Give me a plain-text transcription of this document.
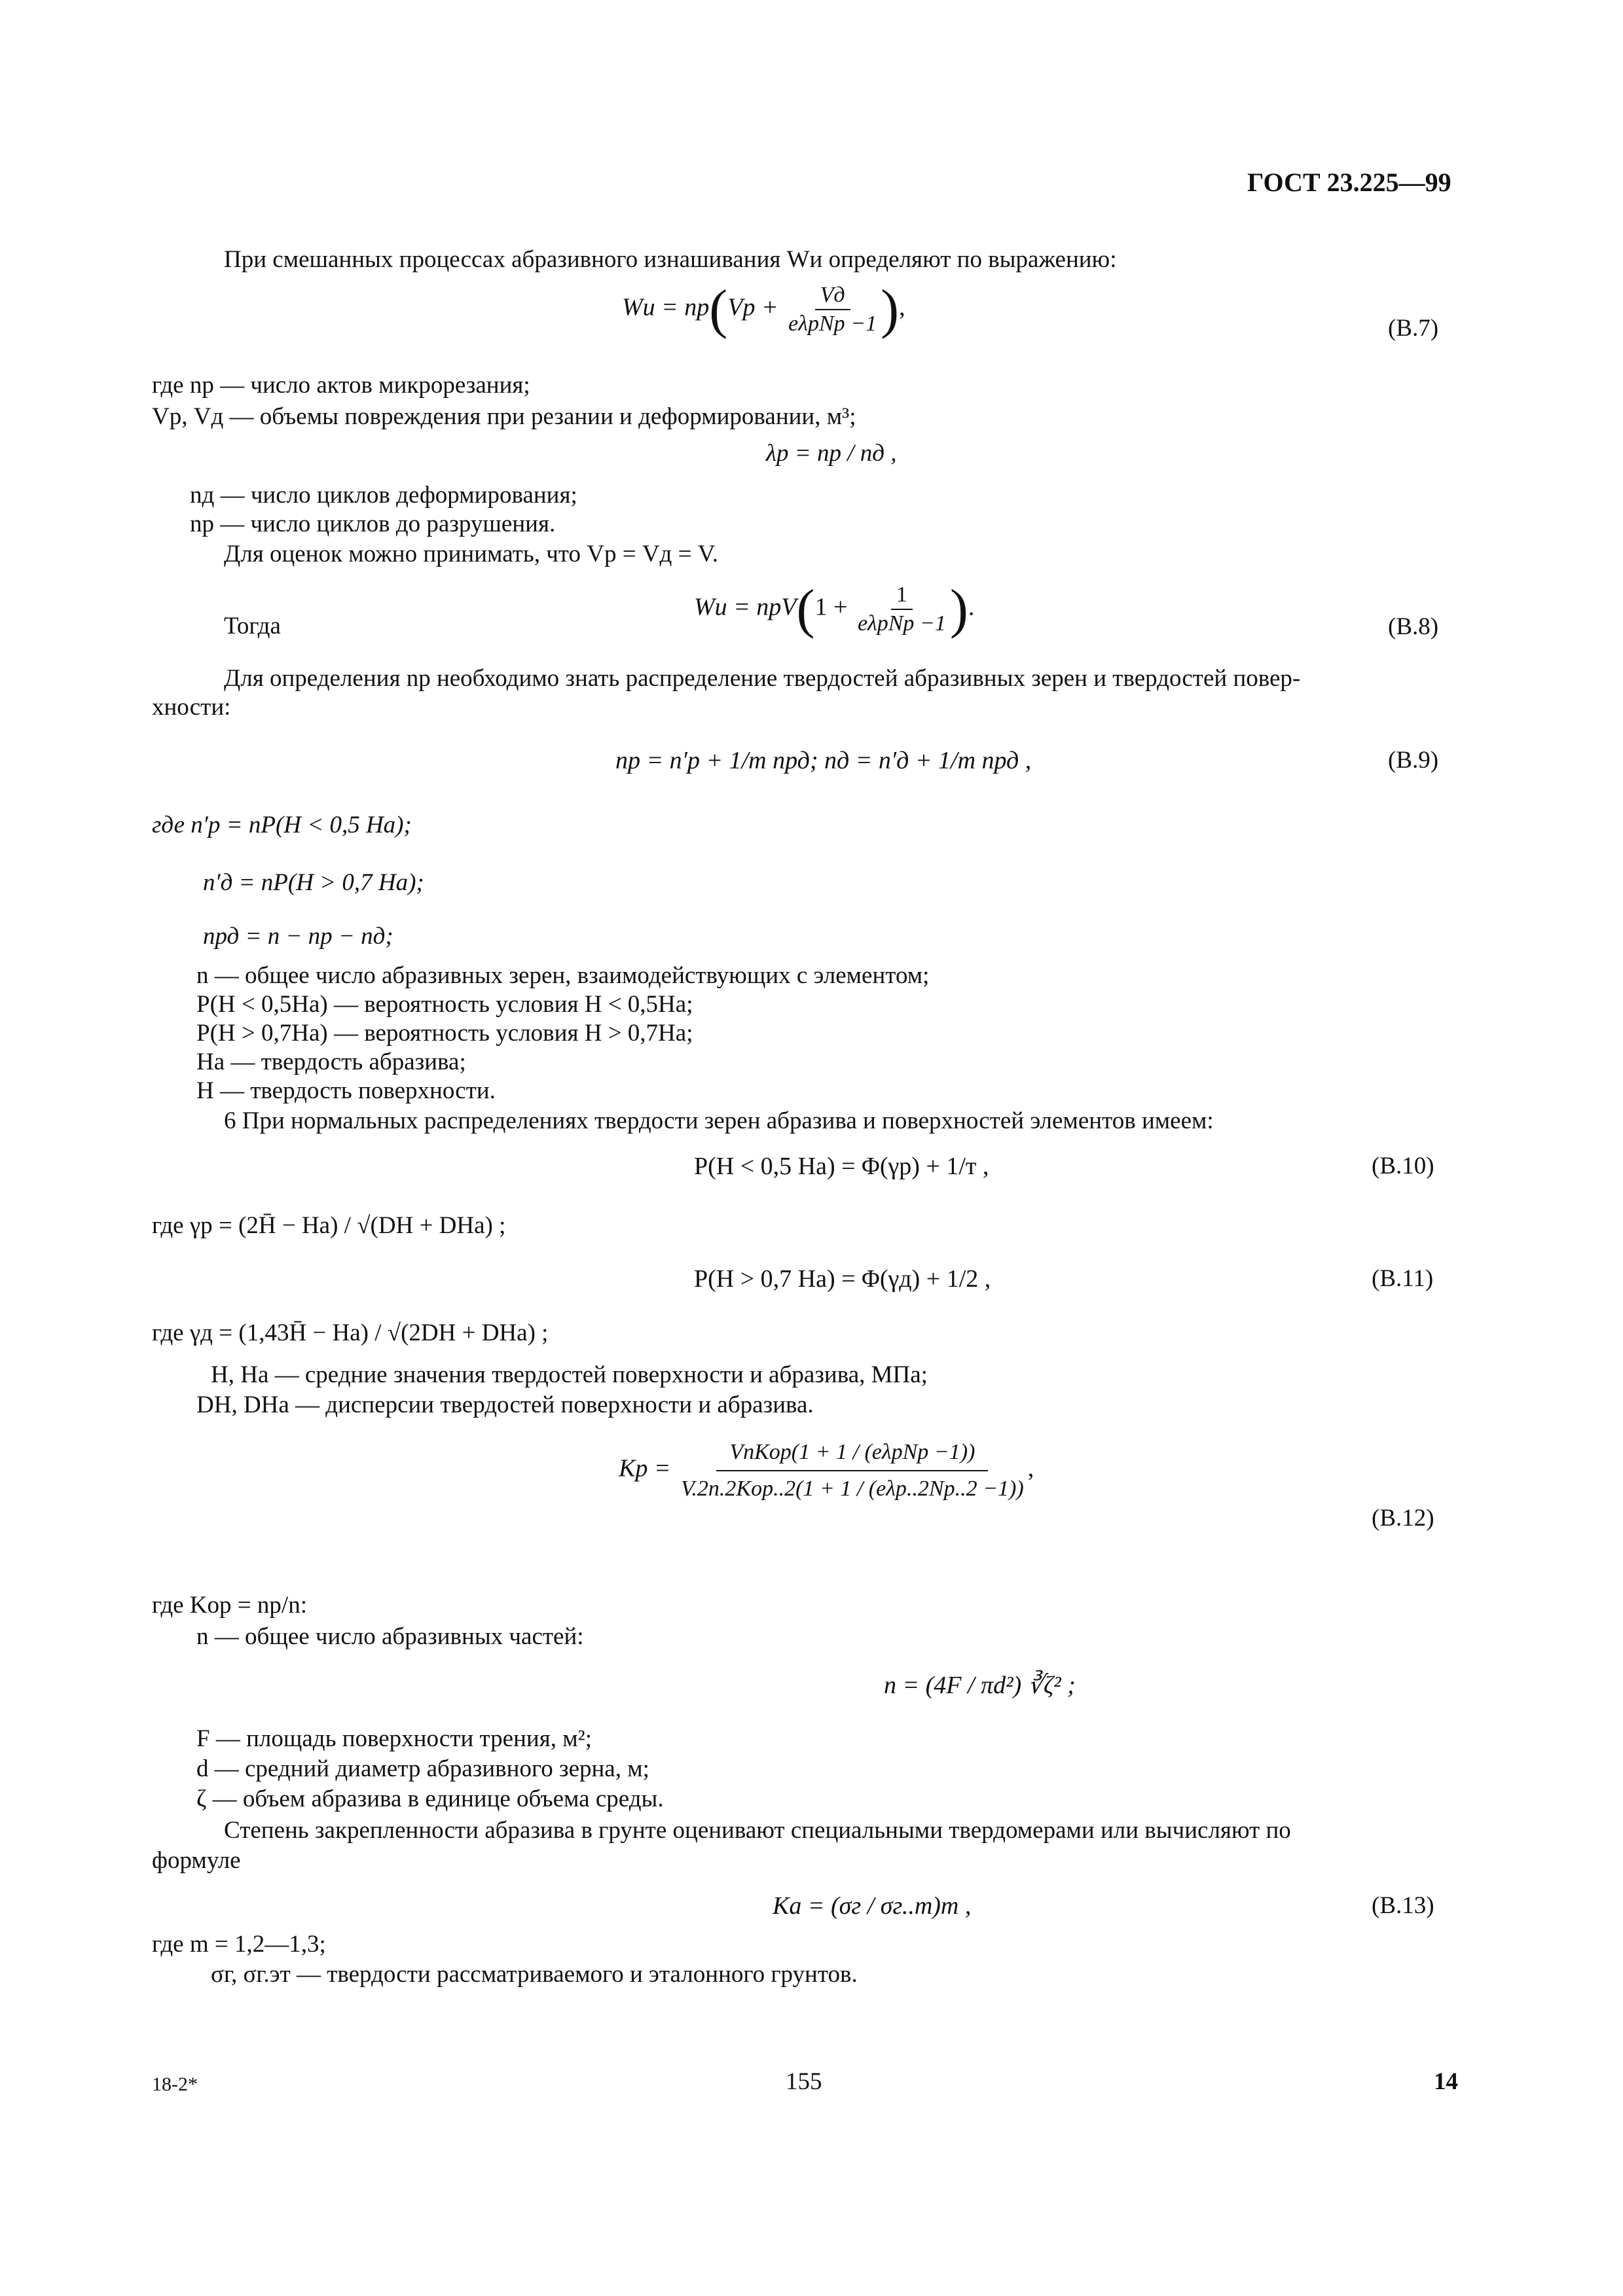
ГОСТ 23.225—99
При смешанных процессах абразивного изнашивания Wи определяют по выражению:
Wи = $nр(Vр + \frac{Vд}{\text{eλрNр −1}}$ ),
(В.7)
где nр — число актов микрорезания;
Vр, Vд — объемы повреждения при резании и деформировании, м³;
λр = nр / nд ,
nд — число циклов деформирования;
nр — число циклов до разрушения.
Для оценок можно принимать, что Vр = Vд = V.
Тогда
Wи = $nрV(1 + \frac{1}{\text{eλрNр −1}}$ ).
(В.8)
Для определения nр необходимо знать распределение твердостей абразивных зерен и твердостей повер-
хности:
nр = n′р + 1/т nрд; nд = n′д + 1/т nрд ,	(В.9)
где n′р = nP(H < 0,5 Hа);
n′д = nP(H > 0,7 Hа);
nрд = n − nр − nд;
n — общее число абразивных зерен, взаимодействующих с элементом;
P(H < 0,5Hа) — вероятность условия H < 0,5Hа;
P(H > 0,7Hа) — вероятность условия H > 0,7Hа;
Hа — твердость абразива;
H — твердость поверхности.
6 При нормальных распределениях твердости зерен абразива и поверхностей элементов имеем:
P(H < 0,5 Hа) = Φ(γр) + 1/т ,	(В.10)
где γр = (2H̄ − Hа) / √(DH + DHа) ;
P(H > 0,7 Hа) = Φ(γд) + 1/2 ,	(В.11)
где γд = (1,43H̄ − Hа) / √(2DH + DHа) ;
H, Hа — средние значения твердостей поверхности и абразива, МПа;
DH, DHа — дисперсии твердостей поверхности и абразива.
Kр = $\frac{\text{VnKор(1 + 1 / (eλрNр −1))}}{\text{V.2n.2Kор..2(1 + 1 / (eλр..2Nр..2 −1))}}$ ,
(В.12)
где Kор = nр/n:
n — общее число абразивных частей:
n = (4F / πd²) ∛ζ² ;
F — площадь поверхности трения, м²;
d — средний диаметр абразивного зерна, м;
ζ — объем абразива в единице объема среды.
Степень закрепленности абразива в грунте оценивают специальными твердомерами или вычисляют по
формуле
Kа = (σг / σг..т)m ,	(В.13)
где m = 1,2—1,3;
σг, σг.эт — твердости рассматриваемого и эталонного грунтов.
18-2*	155	14
